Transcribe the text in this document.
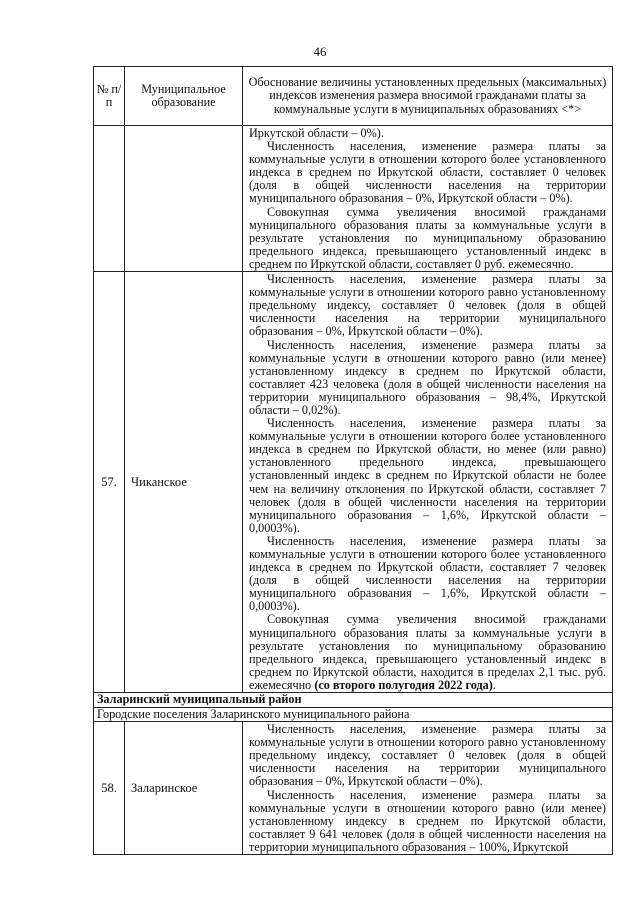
46
№ п/п	Муниципальное образование	Обоснование величины установленных предельных (максимальных) индексов изменения размера вносимой гражданами платы за коммунальные услуги в муниципальных образованиях <*>

		Иркутской области – 0%).

Численность населения, изменение размера платы за коммунальные услуги в отношении которого более установленного индекса в среднем по Иркутской области, составляет 0 человек (доля в общей численности населения на территории муниципального образования – 0%, Иркутской области – 0%).

Совокупная сумма увеличения вносимой гражданами муниципального образования платы за коммунальные услуги в результате установления по муниципальному образованию предельного индекса, превышающего установленный индекс в среднем по Иркутской области, составляет 0 руб. ежемесячно.

57.	Чиканское	Численность населения, изменение размера платы за коммунальные услуги в отношении которого равно установленному предельному индексу, составляет 0 человек (доля в общей численности населения на территории муниципального образования – 0%, Иркутской области – 0%).

Численность населения, изменение размера платы за коммунальные услуги в отношении которого равно (или менее) установленному индексу в среднем по Иркутской области, составляет 423 человека (доля в общей численности населения на территории муниципального образования – 98,4%, Иркутской области – 0,02%).

Численность населения, изменение размера платы за коммунальные услуги в отношении которого более установленного индекса в среднем по Иркутской области, но менее (или равно) установленного предельного индекса, превышающего установленный индекс в среднем по Иркутской области не более чем на величину отклонения по Иркутской области, составляет 7 человек (доля в общей численности населения на территории муниципального образования – 1,6%, Иркутской области – 0,0003%).

Численность населения, изменение размера платы за коммунальные услуги в отношении которого более установленного индекса в среднем по Иркутской области, составляет 7 человек (доля в общей численности населения на территории муниципального образования – 1,6%, Иркутской области – 0,0003%).

Совокупная сумма увеличения вносимой гражданами муниципального образования платы за коммунальные услуги в результате установления по муниципальному образованию предельного индекса, превышающего установленный индекс в среднем по Иркутской области, находится в пределах 2,1 тыс. руб. ежемесячно (со второго полугодия 2022 года).

Заларинский муниципальный район		
Городские поселения Заларинского муниципального района		
58.	Заларинское	Численность населения, изменение размера платы за коммунальные услуги в отношении которого равно установленному предельному индексу, составляет 0 человек (доля в общей численности населения на территории муниципального образования – 0%, Иркутской области – 0%).

Численность населения, изменение размера платы за коммунальные услуги в отношении которого равно (или менее) установленному индексу в среднем по Иркутской области, составляет 9 641 человек (доля в общей численности населения на территории муниципального образования – 100%, Иркутской
